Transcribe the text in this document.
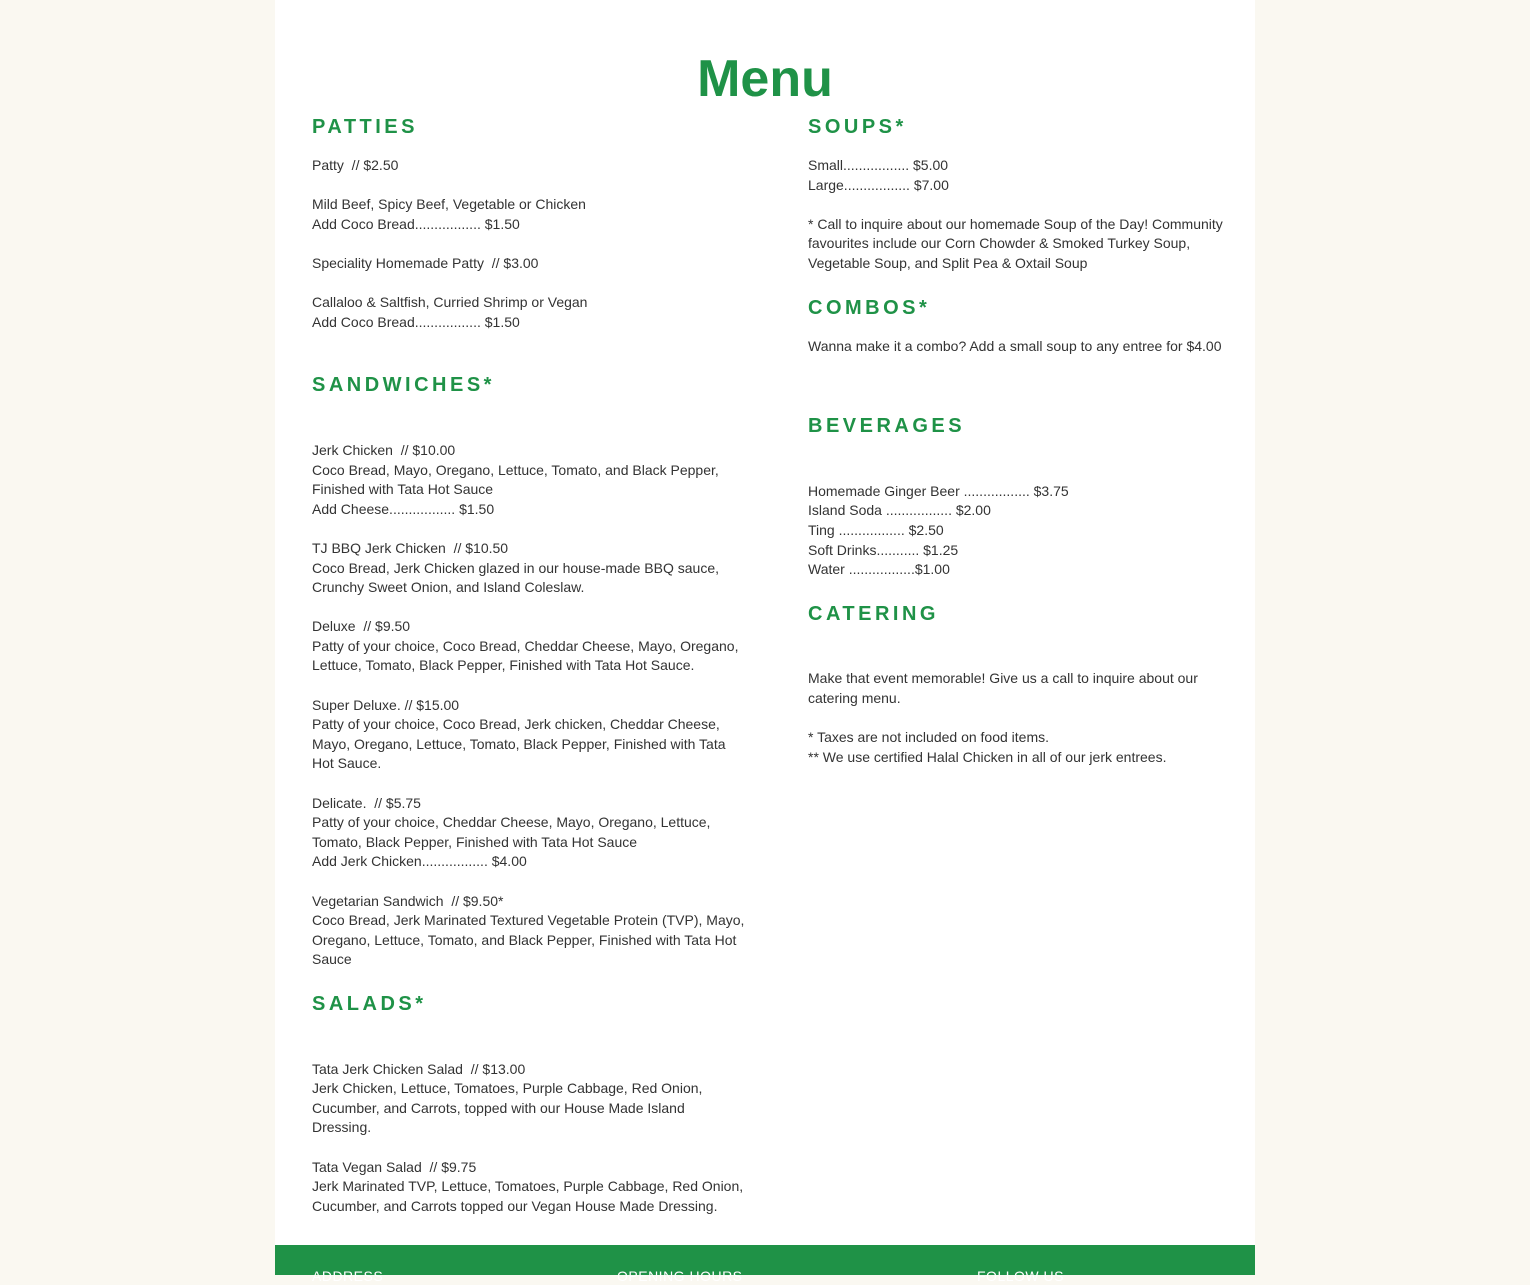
Menu
PATTIES
Patty  // $2.50
Mild Beef, Spicy Beef, Vegetable or Chicken
Add Coco Bread................. $1.50
Speciality Homemade Patty  // $3.00
Callaloo & Saltfish, Curried Shrimp or Vegan
Add Coco Bread................. $1.50
SANDWICHES*
Jerk Chicken  // $10.00
Coco Bread, Mayo, Oregano, Lettuce, Tomato, and Black Pepper,
Finished with Tata Hot Sauce
Add Cheese................. $1.50
TJ BBQ Jerk Chicken  // $10.50
Coco Bread, Jerk Chicken glazed in our house-made BBQ sauce,
Crunchy Sweet Onion, and Island Coleslaw.
Deluxe  // $9.50
Patty of your choice, Coco Bread, Cheddar Cheese, Mayo, Oregano,
Lettuce, Tomato, Black Pepper, Finished with Tata Hot Sauce.
Super Deluxe. // $15.00
Patty of your choice, Coco Bread, Jerk chicken, Cheddar Cheese,
Mayo, Oregano, Lettuce, Tomato, Black Pepper, Finished with Tata
Hot Sauce.
Delicate.  // $5.75
Patty of your choice, Cheddar Cheese, Mayo, Oregano, Lettuce,
Tomato, Black Pepper, Finished with Tata Hot Sauce
Add Jerk Chicken................. $4.00
Vegetarian Sandwich  // $9.50*
Coco Bread, Jerk Marinated Textured Vegetable Protein (TVP), Mayo,
Oregano, Lettuce, Tomato, and Black Pepper, Finished with Tata Hot
Sauce
SALADS*
Tata Jerk Chicken Salad  // $13.00
Jerk Chicken, Lettuce, Tomatoes, Purple Cabbage, Red Onion,
Cucumber, and Carrots, topped with our House Made Island
Dressing.
Tata Vegan Salad  // $9.75
Jerk Marinated TVP, Lettuce, Tomatoes, Purple Cabbage, Red Onion,
Cucumber, and Carrots topped our Vegan House Made Dressing.
SOUPS*
Small................. $5.00
Large................. $7.00
* Call to inquire about our homemade Soup of the Day! Community
favourites include our Corn Chowder & Smoked Turkey Soup,
Vegetable Soup, and Split Pea & Oxtail Soup
COMBOS*
Wanna make it a combo? Add a small soup to any entree for $4.00
BEVERAGES
Homemade Ginger Beer ................. $3.75
Island Soda ................. $2.00
Ting ................. $2.50
Soft Drinks........... $1.25
Water .................$1.00
CATERING
Make that event memorable! Give us a call to inquire about our
catering menu.
* Taxes are not included on food items.
** We use certified Halal Chicken in all of our jerk entrees.
ADDRESS	OPENING HOURS	FOLLOW US
